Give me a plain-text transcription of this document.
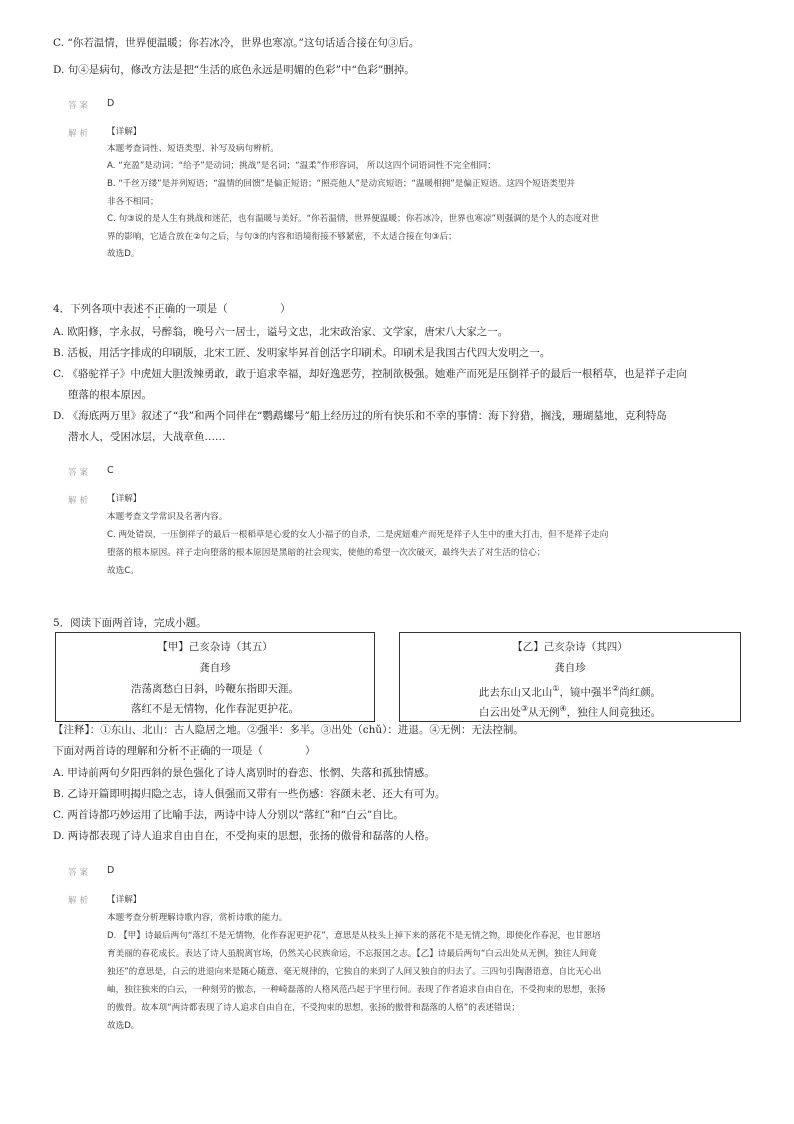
C. “你若温情，世界便温暖；你若冰冷，世界也寒凉。”这句话适合接在句③后。
D. 句④是病句，修改方法是把“生活的底色永远是明媚的色彩”中“色彩”删掉。
答案 D
解析 【详解】
本题考查词性、短语类型、补写及病句辨析。
A. “充盈”是动词；“给予”是动词；挑战”是名词；“温柔”作形容词， 所以这四个词语词性不完全相同；
B. “千丝万缕”是并列短语；“温情的回馈”是偏正短语；“照亮他人”是动宾短语；“温暖相拥”是偏正短语。这四个短语类型并
非各不相同；
C. 句③说的是人生有挑战和迷茫，也有温暖与美好。“你若温情，世界便温暖；你若冰冷，世界也寒凉”则强调的是个人的态度对世
界的影响，它适合放在②句之后，与句③的内容和语境衔接不够紧密，不太适合接在句③后；
故选D。
4．下列各项中表述不正确的一项是（　　　　　）
A. 欧阳修，字永叔，号醉翁，晚号六一居士，谥号文忠，北宋政治家、文学家，唐宋八大家之一。
B. 活板，用活字排成的印刷版，北宋工匠、发明家毕昇首创活字印刷术。印刷术是我国古代四大发明之一。
C. 《骆驼祥子》中虎妞大胆泼辣勇敢，敢于追求幸福，却好逸恶劳，控制欲极强。她难产而死是压倒祥子的最后一根稻草，也是祥子走向
堕落的根本原因。
D. 《海底两万里》叙述了“我”和两个同伴在“鹦鹉螺号”船上经历过的所有快乐和不幸的事情：海下狩猎，搁浅，珊瑚墓地，克利特岛
潜水人，受困冰层，大战章鱼……
答案 C
解析 【详解】
本题考查文学常识及名著内容。
C. 两处错误，一压倒祥子的最后一根稻草是心爱的女人小福子的自杀，二是虎妞难产而死是祥子人生中的重大打击，但不是祥子走向
堕落的根本原因。祥子走向堕落的根本原因是黑暗的社会现实，使他的希望一次次破灭，最终失去了对生活的信心；
故选C。
5．阅读下面两首诗，完成小题。
【甲】己亥杂诗（其五）
龚自珍
浩荡离愁白日斜，吟鞭东指即天涯。
落红不是无情物，化作春泥更护花。
【乙】己亥杂诗（其四）
龚自珍
此去东山又北山①，镜中强半②尚红颜。
白云出处③从无例④，独往人间竟独还。
【注释】：①东山、北山：古人隐居之地。②强半：多半。③出处（chǔ）：进退。④无例：无法控制。
下面对两首诗的理解和分析不正确的一项是（　　　　）
A. 甲诗前两句夕阳西斜的景色强化了诗人离别时的眷恋、怅惘、失落和孤独情感。
B. 乙诗开篇即明揭归隐之志，诗人俱强而又带有一些伤感：容颜未老、还大有可为。
C. 两首诗都巧妙运用了比喻手法，两诗中诗人分别以“落红”和“白云”自比。
D. 两诗都表现了诗人追求自由自在，不受拘束的思想，张扬的傲骨和磊落的人格。
答案 D
解析 【详解】
本题考查分析理解诗歌内容，赏析诗歌的能力。
D. 【甲】诗最后两句“落红不是无情物，化作春泥更护花”，意思是从枝头上掉下来的落花不是无情之物，即使化作春泥，也甘愿培
育美丽的春花成长。表达了诗人虽脱离官场，仍然关心民族命运，不忘报国之志。【乙】诗最后两句“白云出处从无例，独往人间竟
独还”的意思是，白云的进退向来是随心随意、毫无规律的，它独自的来到了人间又独自的归去了。三四句引陶潜语意，自比无心出
岫，独往独来的白云，一种刻劳的傲态，一种崎磊落的人格风范凸起于字里行间。表现了作者追求自由自在，不受拘束的思想，张扬
的傲骨。故本项“两诗都表现了诗人追求自由自在，不受拘束的思想，张扬的傲骨和磊落的人格”的表述错误；
故选D。
